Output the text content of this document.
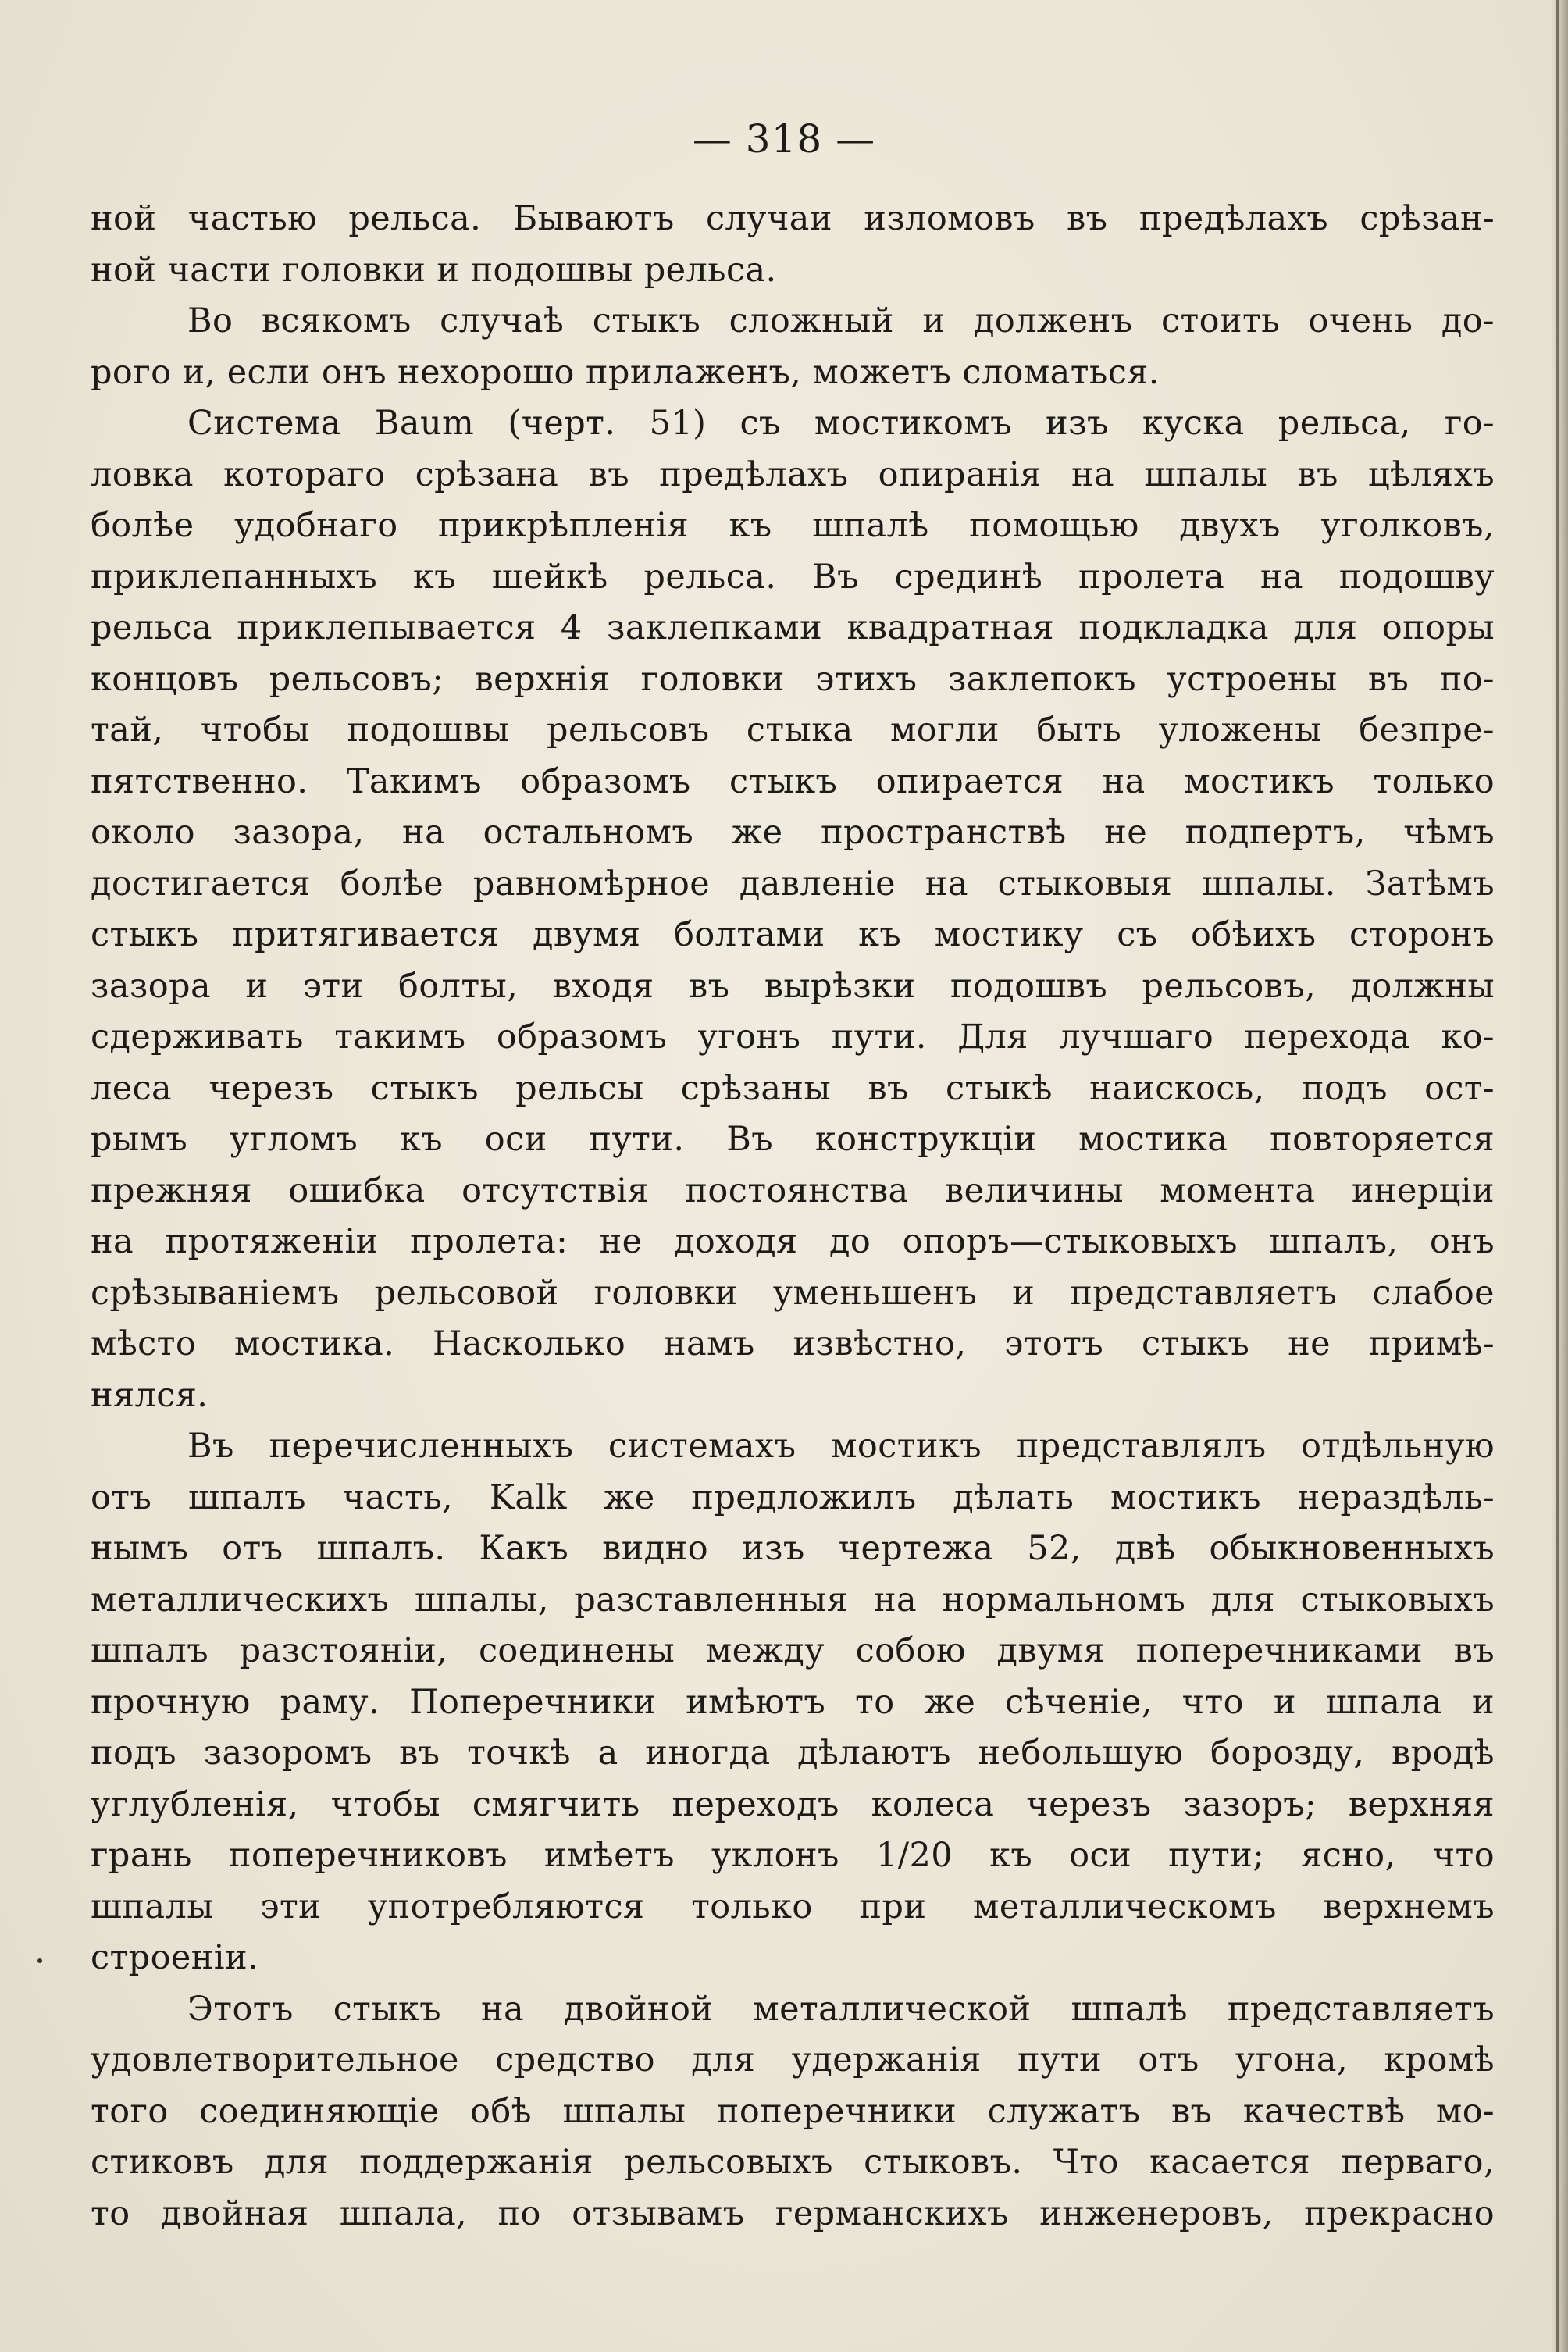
— 318 —
ной частью рельса. Бываютъ случаи изломовъ въ предѣлахъ срѣзан-
ной части головки и подошвы рельса.
Во всякомъ случаѣ стыкъ сложный и долженъ стоить очень до-
рого и, если онъ нехорошо прилаженъ, можетъ сломаться.
Система Baum (черт. 51) съ мостикомъ изъ куска рельса, го-
ловка котораго срѣзана въ предѣлахъ опиранія на шпалы въ цѣляхъ
болѣе удобнаго прикрѣпленія къ шпалѣ помощью двухъ уголковъ,
приклепанныхъ къ шейкѣ рельса. Въ срединѣ пролета на подошву
рельса приклепывается 4 заклепками квадратная подкладка для опоры
концовъ рельсовъ; верхнія головки этихъ заклепокъ устроены въ по-
тай, чтобы подошвы рельсовъ стыка могли быть уложены безпре-
пятственно. Такимъ образомъ стыкъ опирается на мостикъ только
около зазора, на остальномъ же пространствѣ не подпертъ, чѣмъ
достигается болѣе равномѣрное давленіе на стыковыя шпалы. Затѣмъ
стыкъ притягивается двумя болтами къ мостику съ обѣихъ сторонъ
зазора и эти болты, входя въ вырѣзки подошвъ рельсовъ, должны
сдерживать такимъ образомъ угонъ пути. Для лучшаго перехода ко-
леса черезъ стыкъ рельсы срѣзаны въ стыкѣ наискось, подъ ост-
рымъ угломъ къ оси пути. Въ конструкціи мостика повторяется
прежняя ошибка отсутствія постоянства величины момента инерціи
на протяженіи пролета: не доходя до опоръ—стыковыхъ шпалъ, онъ
срѣзываніемъ рельсовой головки уменьшенъ и представляетъ слабое
мѣсто мостика. Насколько намъ извѣстно, этотъ стыкъ не примѣ-
нялся.
Въ перечисленныхъ системахъ мостикъ представлялъ отдѣльную
отъ шпалъ часть, Kalk же предложилъ дѣлать мостикъ нераздѣль-
нымъ отъ шпалъ. Какъ видно изъ чертежа 52, двѣ обыкновенныхъ
металлическихъ шпалы, разставленныя на нормальномъ для стыковыхъ
шпалъ разстояніи, соединены между собою двумя поперечниками въ
прочную раму. Поперечники имѣютъ то же сѣченіе, что и шпала и
подъ зазоромъ въ точкѣ a иногда дѣлаютъ небольшую борозду, вродѣ
углубленія, чтобы смягчить переходъ колеса черезъ зазоръ; верхняя
грань поперечниковъ имѣетъ уклонъ 1/20 къ оси пути; ясно, что
шпалы эти употребляются только при металлическомъ верхнемъ
строеніи.
Этотъ стыкъ на двойной металлической шпалѣ представляетъ
удовлетворительное средство для удержанія пути отъ угона, кромѣ
того соединяющіе обѣ шпалы поперечники служатъ въ качествѣ мо-
стиковъ для поддержанія рельсовыхъ стыковъ. Что касается перваго,
то двойная шпала, по отзывамъ германскихъ инженеровъ, прекрасно
